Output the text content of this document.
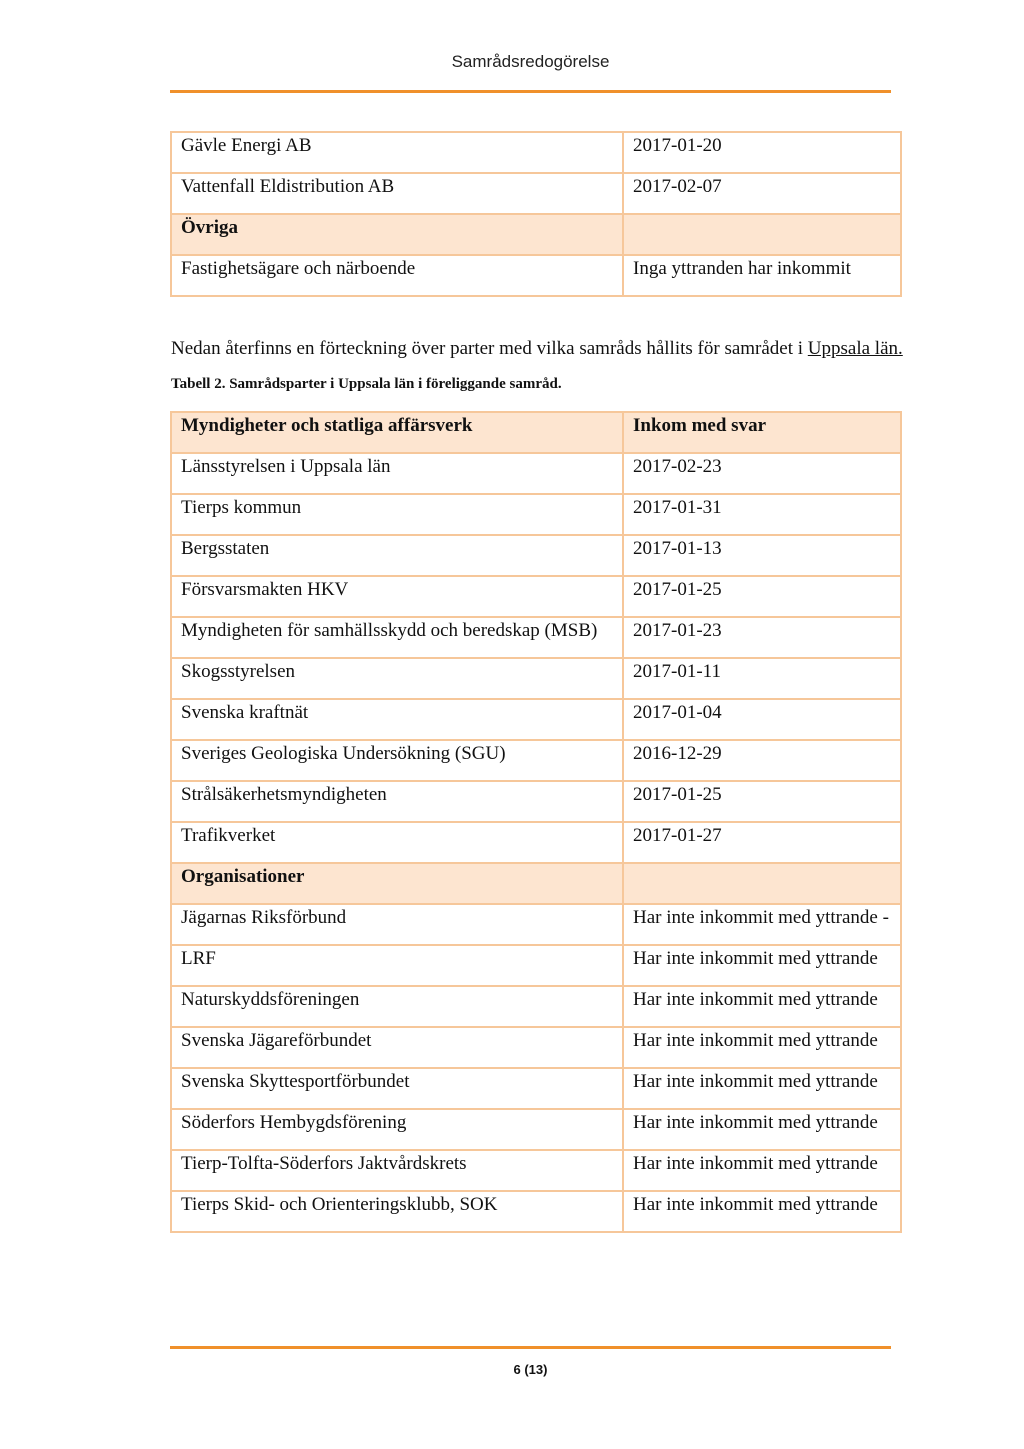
Samrådsredogörelse
Gävle Energi AB	2017-01-20
Vattenfall Eldistribution AB	2017-02-07
Övriga	
Fastighetsägare och närboende	Inga yttranden har inkommit
Nedan återfinns en förteckning över parter med vilka samråds hållits för samrådet i Uppsala län.
Tabell 2. Samrådsparter i Uppsala län i föreliggande samråd.
Myndigheter och statliga affärsverk	Inkom med svar
Länsstyrelsen i Uppsala län	2017-02-23
Tierps kommun	2017-01-31
Bergsstaten	2017-01-13
Försvarsmakten HKV	2017-01-25
Myndigheten för samhällsskydd och beredskap (MSB)	2017-01-23
Skogsstyrelsen	2017-01-11
Svenska kraftnät	2017-01-04
Sveriges Geologiska Undersökning (SGU)	2016-12-29
Strålsäkerhetsmyndigheten	2017-01-25
Trafikverket	2017-01-27
Organisationer	
Jägarnas Riksförbund	Har inte inkommit med yttrande -
LRF	Har inte inkommit med yttrande
Naturskyddsföreningen	Har inte inkommit med yttrande
Svenska Jägareförbundet	Har inte inkommit med yttrande
Svenska Skyttesportförbundet	Har inte inkommit med yttrande
Söderfors Hembygdsförening	Har inte inkommit med yttrande
Tierp-Tolfta-Söderfors Jaktvårdskrets	Har inte inkommit med yttrande
Tierps Skid- och Orienteringsklubb, SOK	Har inte inkommit med yttrande
6 (13)
